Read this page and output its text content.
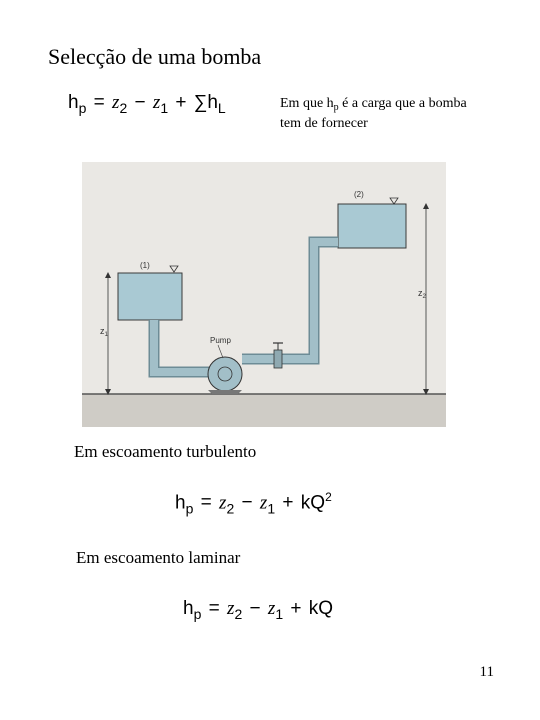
Selecção de uma bomba
$h_p = z_2 - z_1 + \sum h_L$	Em que $h_p$ é a carga que a bomba
tem de fornecer
(1)
(2)
Pump
$z_1$
$z_2$
Em escoamento turbulento
$h_p = z_2 - z_1 + kQ^2$
Em escoamento laminar
$h_p = z_2 - z_1$ + kQ
11
